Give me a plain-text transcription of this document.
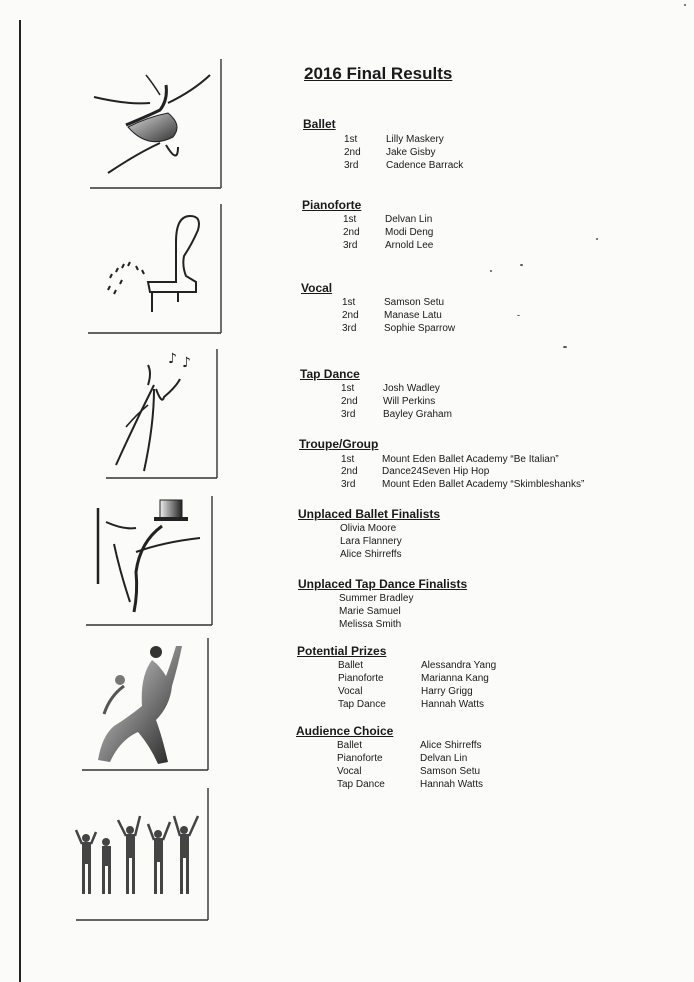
♪ ♪
2016 Final Results
Ballet
1st	Lilly Maskery
2nd	Jake Gisby
3rd	Cadence Barrack
Pianoforte
1st	Delvan Lin
2nd	Modi Deng
3rd	Arnold Lee
Vocal
1st	Samson Setu
2nd	Manase Latu
3rd	Sophie Sparrow
Tap Dance
1st	Josh Wadley
2nd	Will Perkins
3rd	Bayley Graham
Troupe/Group
1st	Mount Eden Ballet Academy “Be Italian”
2nd Dance24Seven Hip Hop
3rd	Mount Eden Ballet Academy “Skimbleshanks”
Unplaced Ballet Finalists
Olivia Moore
Lara Flannery
Alice Shirreffs
Unplaced Tap Dance Finalists
Summer Bradley
Marie Samuel
Melissa Smith
Potential Prizes
Ballet	Alessandra Yang
Pianoforte	Marianna Kang
Vocal	Harry Grigg
Tap Dance	Hannah Watts
Audience Choice
Ballet	Alice Shirreffs
Pianoforte	Delvan Lin
Vocal	Samson Setu
Tap Dance	Hannah Watts
